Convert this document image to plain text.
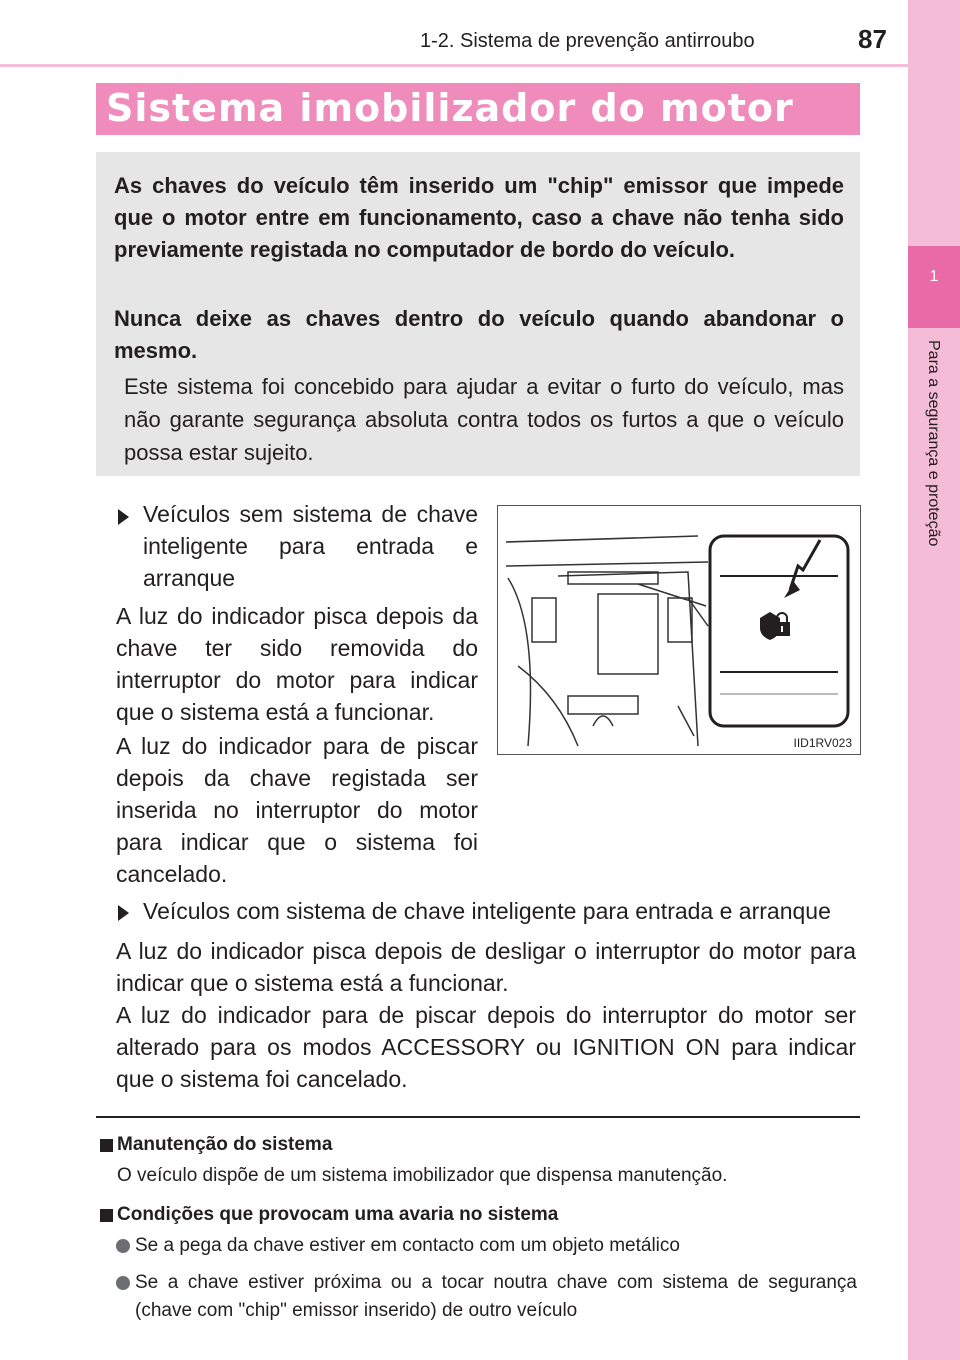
1
Para a segurança e proteção
1-2. Sistema de prevenção antirroubo	87
Sistema imobilizador do motor
As chaves do veículo têm inserido um "chip" emissor que impede que o motor entre em funcionamento, caso a chave não tenha sido previamente registada no computador de bordo do veículo.
Nunca deixe as chaves dentro do veículo quando abandonar o mesmo.
Este sistema foi concebido para ajudar a evitar o furto do veículo, mas não garante segurança absoluta contra todos os furtos a que o veículo possa estar sujeito.
Veículos sem sistema de chave inteligente para entrada e arranque
A luz do indicador pisca depois da chave ter sido removida do interruptor do motor para indicar que o sistema está a funcionar.
A luz do indicador para de piscar depois da chave registada ser inserida no interruptor do motor para indicar que o sistema foi cancelado.
IID1RV023
Veículos com sistema de chave inteligente para entrada e arranque
A luz do indicador pisca depois de desligar o interruptor do motor para indicar que o sistema está a funcionar.
A luz do indicador para de piscar depois do interruptor do motor ser alterado para os modos ACCESSORY ou IGNITION ON para indicar que o sistema foi cancelado.
Manutenção do sistema
O veículo dispõe de um sistema imobilizador que dispensa manutenção.
Condições que provocam uma avaria no sistema
Se a pega da chave estiver em contacto com um objeto metálico
Se a chave estiver próxima ou a tocar noutra chave com sistema de segurança (chave com "chip" emissor inserido) de outro veículo
